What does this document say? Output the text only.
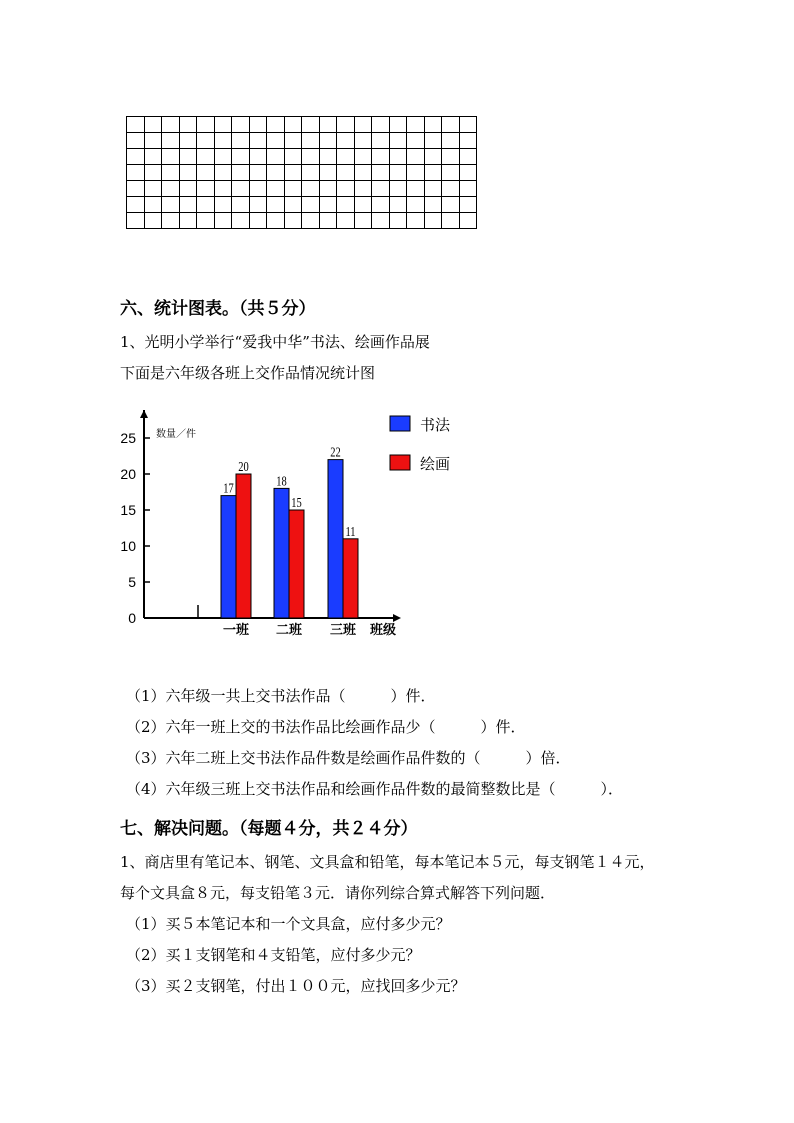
六、统计图表。（共５分）
1、光明小学举行“爱我中华”书法、绘画作品展
下面是六年级各班上交作品情况统计图
0
5
10
15
20
25 数量／件
班级
一班
17
20
二班
18
15
三班
22
11
书法
绘画
（1）六年级一共上交书法作品（　　　）件．
（2）六年一班上交的书法作品比绘画作品少（　　　）件．
（3）六年二班上交书法作品件数是绘画作品件数的（　　　）倍．
（4）六年级三班上交书法作品和绘画作品件数的最简整数比是（　　　）．
七、解决问题。（每题４分，共２４分）
1、商店里有笔记本、钢笔、文具盒和铅笔，每本笔记本５元，每支钢笔１４元，
每个文具盒８元，每支铅笔３元．请你列综合算式解答下列问题．
（1）买５本笔记本和一个文具盒，应付多少元？
（2）买１支钢笔和４支铅笔，应付多少元？
（3）买２支钢笔，付出１００元，应找回多少元？
